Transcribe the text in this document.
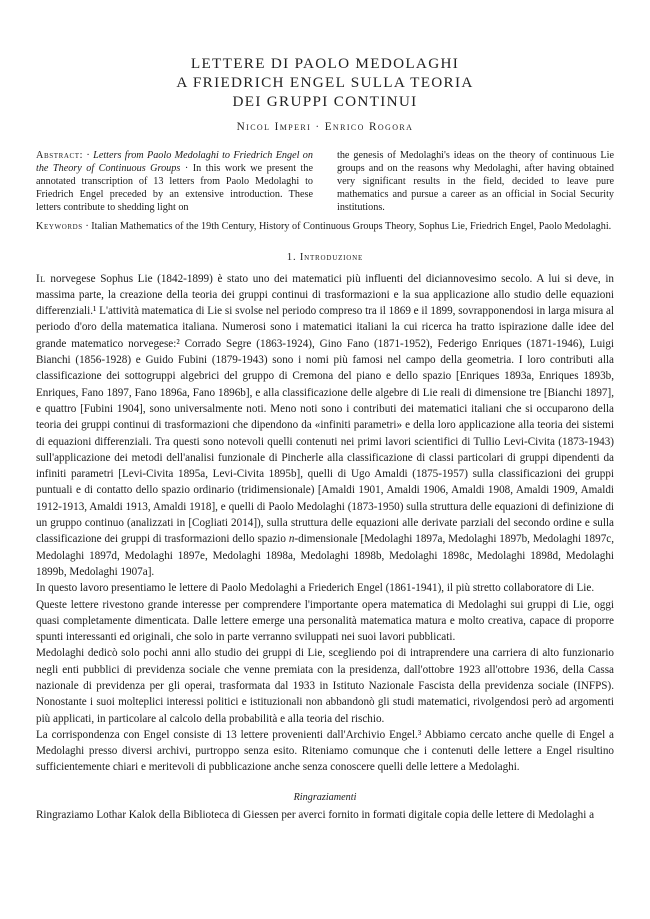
LETTERE DI PAOLO MEDOLAGHI
A FRIEDRICH ENGEL SULLA TEORIA
DEI GRUPPI CONTINUI
Nicol Imperi · Enrico Rogora
Abstract: · Letters from Paolo Medolaghi to Friedrich Engel on the Theory of Continuous Groups · In this work we present the annotated transcription of 13 letters from Paolo Medolaghi to Friedrich Engel preceded by an extensive introduction. These letters contribute to shedding light on
the genesis of Medolaghi's ideas on the theory of continuous Lie groups and on the reasons why Medolaghi, after having obtained very significant results in the field, decided to leave pure mathematics and pursue a career as an official in Social Security institutions.
Keywords · Italian Mathematics of the 19th Century, History of Continuous Groups Theory, Sophus Lie, Friedrich Engel, Paolo Medolaghi.
1. Introduzione

Il norvegese Sophus Lie (1842-1899) è stato uno dei matematici più influenti del diciannovesimo secolo. A lui si deve, in massima parte, la creazione della teoria dei gruppi continui di trasformazioni e la sua applicazione allo studio delle equazioni differenziali.¹ L'attività matematica di Lie si svolse nel periodo compreso tra il 1869 e il 1899, sovrapponendosi in larga misura al periodo d'oro della matematica italiana. Numerosi sono i matematici italiani la cui ricerca ha tratto ispirazione dalle idee del grande matematico norvegese:² Corrado Segre (1863-1924), Gino Fano (1871-1952), Federigo Enriques (1871-1946), Luigi Bianchi (1856-1928) e Guido Fubini (1879-1943) sono i nomi più famosi nel campo della geometria. I loro contributi alla classificazione dei sottogruppi algebrici del gruppo di Cremona del piano e dello spazio [Enriques 1893a, Enriques 1893b, Enriques, Fano 1897, Fano 1896a, Fano 1896b], e alla classificazione delle algebre di Lie reali di dimensione tre [Bianchi 1897], e quattro [Fubini 1904], sono universalmente noti. Meno noti sono i contributi dei matematici italiani che si occuparono della teoria dei gruppi continui di trasformazioni che dipendono da «infiniti parametri» e della loro applicazione alla teoria dei sistemi di equazioni differenziali. Tra questi sono notevoli quelli contenuti nei primi lavori scientifici di Tullio Levi-Civita (1873-1943) sull'applicazione dei metodi dell'analisi funzionale di Pincherle alla classificazione di classi particolari di gruppi dipendenti da infiniti parametri [Levi-Civita 1895a, Levi-Civita 1895b], quelli di Ugo Amaldi (1875-1957) sulla classificazioni dei gruppi puntuali e di contatto dello spazio ordinario (tridimensionale) [Amaldi 1901, Amaldi 1906, Amaldi 1908, Amaldi 1909, Amaldi 1912-1913, Amaldi 1913, Amaldi 1918], e quelli di Paolo Medolaghi (1873-1950) sulla struttura delle equazioni di definizione di un gruppo continuo (analizzati in [Cogliati 2014]), sulla struttura delle equazioni alle derivate parziali del secondo ordine e sulla classificazione dei gruppi di trasformazioni dello spazio n-dimensionale [Medolaghi 1897a, Medolaghi 1897b, Medolaghi 1897c, Medolaghi 1897d, Medolaghi 1897e, Medolaghi 1898a, Medolaghi 1898b, Medolaghi 1898c, Medolaghi 1898d, Medolaghi 1899b, Medolaghi 1907a].

In questo lavoro presentiamo le lettere di Paolo Medolaghi a Friederich Engel (1861-1941), il più stretto collaboratore di Lie.

Queste lettere rivestono grande interesse per comprendere l'importante opera matematica di Medolaghi sui gruppi di Lie, oggi quasi completamente dimenticata. Dalle lettere emerge una personalità matematica matura e molto creativa, capace di proporre spunti interessanti ed originali, che solo in parte verranno sviluppati nei suoi lavori pubblicati.

Medolaghi dedicò solo pochi anni allo studio dei gruppi di Lie, scegliendo poi di intraprendere una carriera di alto funzionario negli enti pubblici di previdenza sociale che venne premiata con la presidenza, dall'ottobre 1923 all'ottobre 1936, della Cassa nazionale di previdenza per gli operai, trasformata dal 1933 in Istituto Nazionale Fascista della previdenza sociale (INFPS). Nonostante i suoi molteplici interessi politici e istituzionali non abbandonò gli studi matematici, rivolgendosi però ad argomenti più applicati, in particolare al calcolo della probabilità e alla teoria del rischio.

La corrispondenza con Engel consiste di 13 lettere provenienti dall'Archivio Engel.³ Abbiamo cercato anche quelle di Engel a Medolaghi presso diversi archivi, purtroppo senza esito. Riteniamo comunque che i contenuti delle lettere a Engel risultino sufficientemente chiari e meritevoli di pubblicazione anche senza conoscere quelli delle lettere a Medolaghi.

Ringraziamenti
Ringraziamo Lothar Kalok della Biblioteca di Giessen per averci fornito in formati digitale copia delle lettere di Medolaghi a
